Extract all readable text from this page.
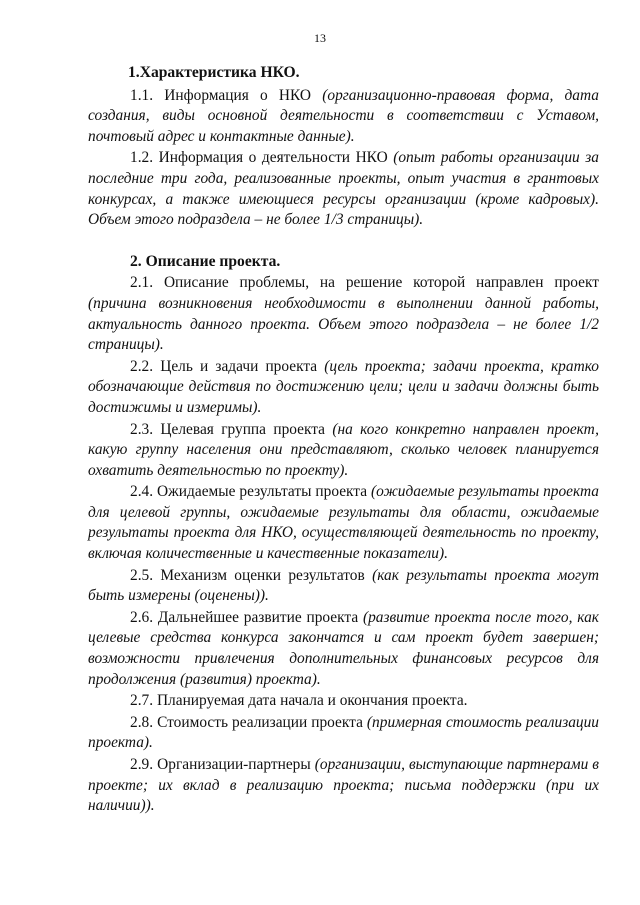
13
1.Характеристика НКО.

1.1. Информация о НКО (организационно-правовая форма, дата создания, виды основной деятельности в соответствии с Уставом, почтовый адрес и контактные данные).

1.2. Информация о деятельности НКО (опыт работы организации за последние три года, реализованные проекты, опыт участия в грантовых конкурсах, а также имеющиеся ресурсы организации (кроме кадровых). Объем этого подраздела – не более 1/3 страницы).

2. Описание проекта.

2.1. Описание проблемы, на решение которой направлен проект (причина возникновения необходимости в выполнении данной работы, актуальность данного проекта. Объем этого подраздела – не более 1/2 страницы).

2.2. Цель и задачи проекта (цель проекта; задачи проекта, кратко обозначающие действия по достижению цели; цели и задачи должны быть достижимы и измеримы).

2.3. Целевая группа проекта (на кого конкретно направлен проект, какую группу населения они представляют, сколько человек планируется охватить деятельностью по проекту).

2.4. Ожидаемые результаты проекта (ожидаемые результаты проекта для целевой группы, ожидаемые результаты для области, ожидаемые результаты проекта для НКО, осуществляющей деятельность по проекту, включая количественные и качественные показатели).

2.5. Механизм оценки результатов (как результаты проекта могут быть измерены (оценены)).

2.6. Дальнейшее развитие проекта (развитие проекта после того, как целевые средства конкурса закончатся и сам проект будет завершен; возможности привлечения дополнительных финансовых ресурсов для продолжения (развития) проекта).

2.7. Планируемая дата начала и окончания проекта.

2.8. Стоимость реализации проекта (примерная стоимость реализации проекта).

2.9. Организации-партнеры (организации, выступающие партнерами в проекте; их вклад в реализацию проекта; письма поддержки (при их наличии)).
